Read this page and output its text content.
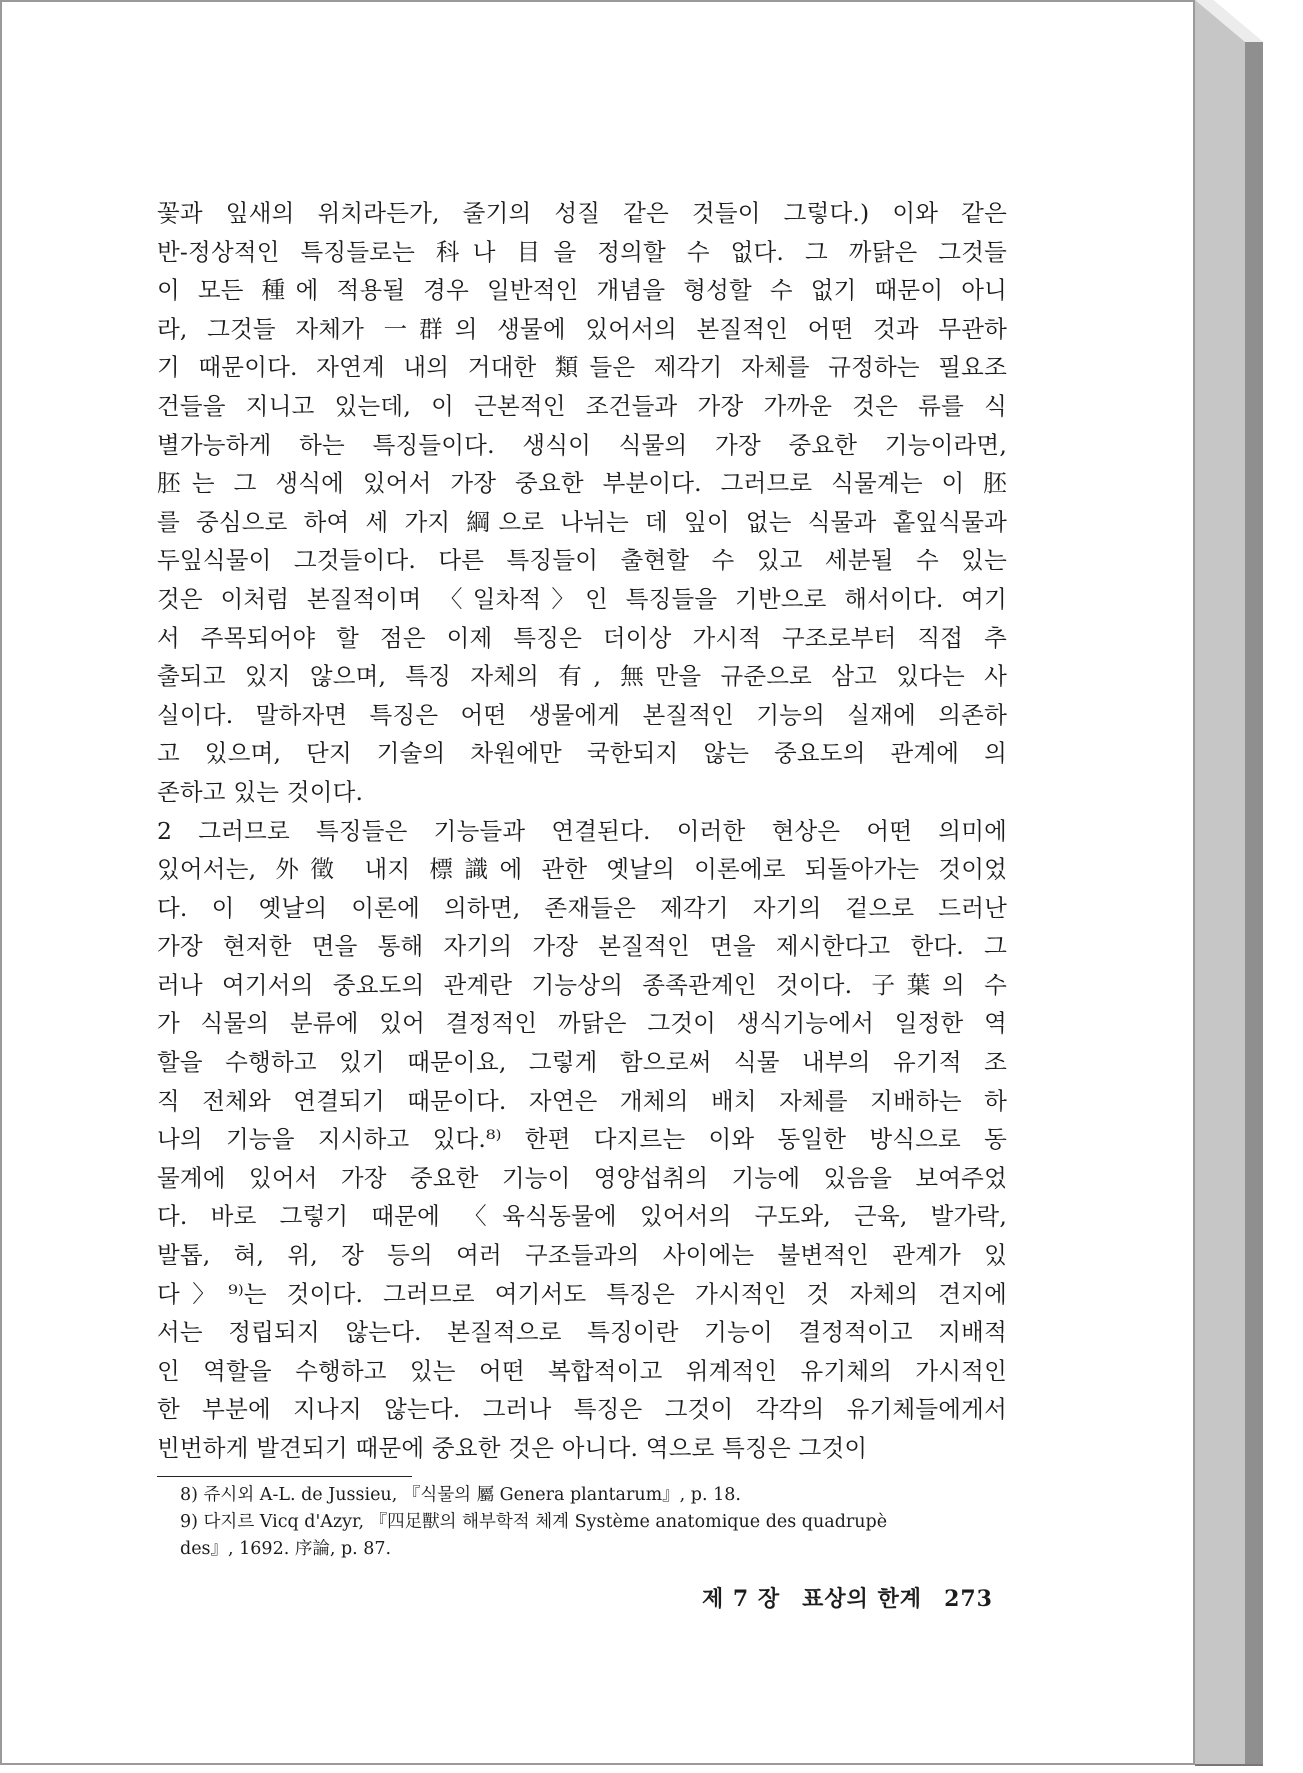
꽃과 잎새의 위치라든가, 줄기의 성질 같은 것들이 그렇다.) 이와 같은
반-정상적인 특징들로는 科나 目을 정의할 수 없다. 그 까닭은 그것들
이 모든 種에 적용될 경우 일반적인 개념을 형성할 수 없기 때문이 아니
라, 그것들 자체가 一群의 생물에 있어서의 본질적인 어떤 것과 무관하
기 때문이다. 자연계 내의 거대한 類들은 제각기 자체를 규정하는 필요조
건들을 지니고 있는데, 이 근본적인 조건들과 가장 가까운 것은 류를 식
별가능하게 하는 특징들이다. 생식이 식물의 가장 중요한 기능이라면,
胚는 그 생식에 있어서 가장 중요한 부분이다. 그러므로 식물계는 이 胚
를 중심으로 하여 세 가지 綱으로 나뉘는 데 잎이 없는 식물과 홑잎식물과
두잎식물이 그것들이다. 다른 특징들이 출현할 수 있고 세분될 수 있는
것은 이처럼 본질적이며 〈일차적〉인 특징들을 기반으로 해서이다. 여기
서 주목되어야 할 점은 이제 특징은 더이상 가시적 구조로부터 직접 추
출되고 있지 않으며, 특징 자체의 有, 無만을 규준으로 삼고 있다는 사
실이다. 말하자면 특징은 어떤 생물에게 본질적인 기능의 실재에 의존하
고 있으며, 단지 기술의 차원에만 국한되지 않는 중요도의 관계에 의
존하고 있는 것이다.
2 그러므로 특징들은 기능들과 연결된다. 이러한 현상은 어떤 의미에
있어서는, 外徵 내지 標識에 관한 옛날의 이론에로 되돌아가는 것이었
다. 이 옛날의 이론에 의하면, 존재들은 제각기 자기의 겉으로 드러난
가장 현저한 면을 통해 자기의 가장 본질적인 면을 제시한다고 한다. 그
러나 여기서의 중요도의 관계란 기능상의 종족관계인 것이다. 子葉의 수
가 식물의 분류에 있어 결정적인 까닭은 그것이 생식기능에서 일정한 역
할을 수행하고 있기 때문이요, 그렇게 함으로써 식물 내부의 유기적 조
직 전체와 연결되기 때문이다. 자연은 개체의 배치 자체를 지배하는 하
나의 기능을 지시하고 있다.⁸⁾ 한편 다지르는 이와 동일한 방식으로 동
물계에 있어서 가장 중요한 기능이 영양섭취의 기능에 있음을 보여주었
다. 바로 그렇기 때문에 〈육식동물에 있어서의 구도와, 근육, 발가락,
발톱, 혀, 위, 장 등의 여러 구조들과의 사이에는 불변적인 관계가 있
다〉⁹⁾는 것이다. 그러므로 여기서도 특징은 가시적인 것 자체의 견지에
서는 정립되지 않는다. 본질적으로 특징이란 기능이 결정적이고 지배적
인 역할을 수행하고 있는 어떤 복합적이고 위계적인 유기체의 가시적인
한 부분에 지나지 않는다. 그러나 특징은 그것이 각각의 유기체들에게서
빈번하게 발견되기 때문에 중요한 것은 아니다. 역으로 특징은 그것이
8) 쥬시외 A-L. de Jussieu, 『식물의 屬 Genera plantarum』, p. 18.
9) 다지르 Vicq d'Azyr, 『四足獸의 해부학적 체계 Système anatomique des quadrupè
des』, 1692. 序論, p. 87.
제 7 장 표상의 한계 273
